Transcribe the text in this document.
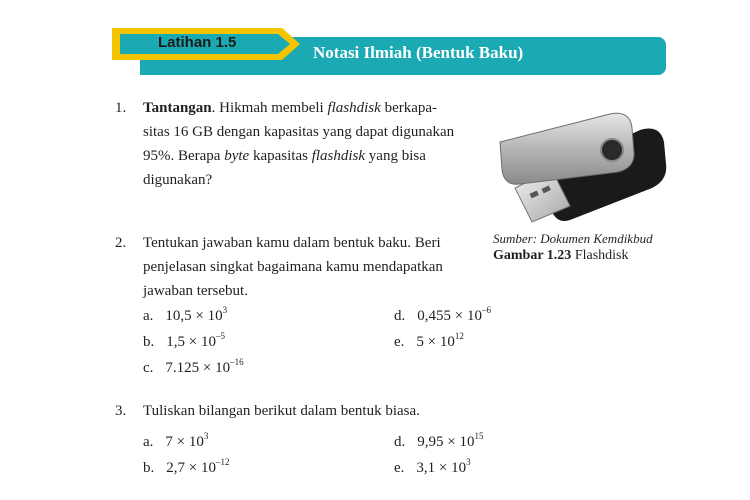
Notasi Ilmiah (Bentuk Baku)
Latihan 1.5
1. Tantangan. Hikmah membeli flashdisk berkapa-
sitas 16 GB dengan kapasitas yang dapat digunakan
95%. Berapa byte kapasitas flashdisk yang bisa
digunakan?
Sumber: Dokumen Kemdikbud
Gambar 1.23 Flashdisk
2. Tentukan jawaban kamu dalam bentuk baku. Beri
penjelasan singkat bagaimana kamu mendapatkan
jawaban tersebut.
a. $10,5 \times 10^3$
b. $1,5 \times 10^{-5}$
c. $7.125 \times 10^{-16}$
d. $0,455 \times 10^{-6}$
e. $5 \times 10^{12}$
3. Tuliskan bilangan berikut dalam bentuk biasa.
a. $7 \times 10^3$
b. $2,7 \times 10^{-12}$
d. $9,95 \times 10^{15}$
e. $3,1 \times 10^3$
